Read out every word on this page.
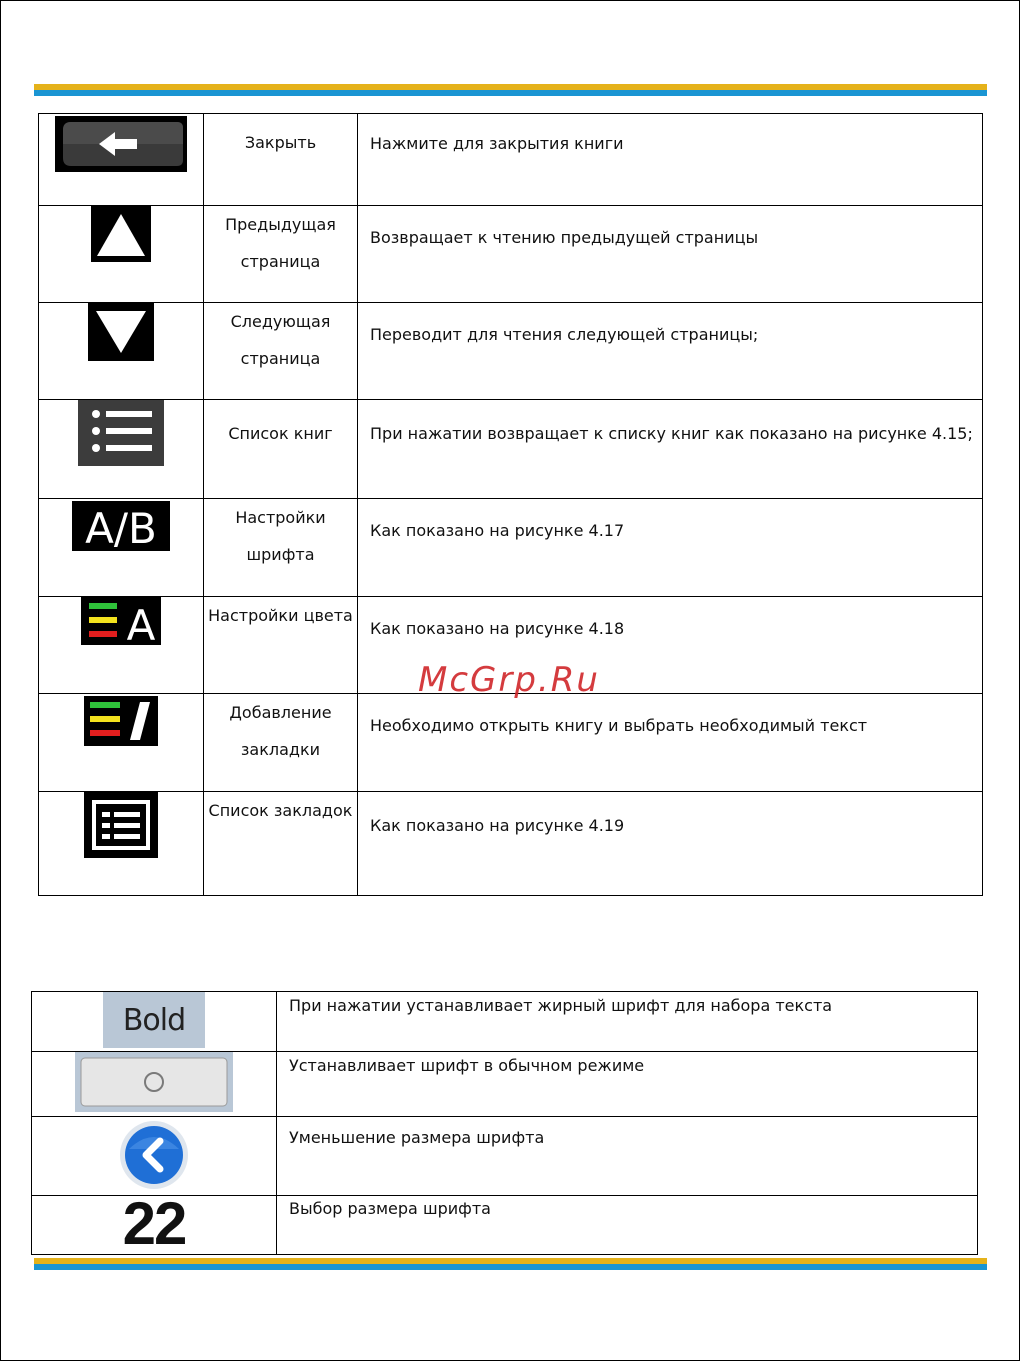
	Закрыть	Нажмите для закрытия книги

	Предыдущая страница	Возвращает к чтению предыдущей страницы

	Следующая страница	Переводит для чтения следующей страницы;

	Список книг	При нажатии возвращает к списку книг как показано на рисунке 4.15;

A/B	Настройки шрифта	Как показано на рисунке 4.17

A	Настройки цвета	Как показано на рисунке 4.18

	Добавление закладки	Необходимо открыть книгу и выбрать необходимый текст

	Список закладок	Как показано на рисунке 4.19
McGrp.Ru
Bold	При нажатии устанавливает жирный шрифт для набора текста

	Устанавливает шрифт в обычном режиме

	Уменьшение размера шрифта

22	Выбор размера шрифта
